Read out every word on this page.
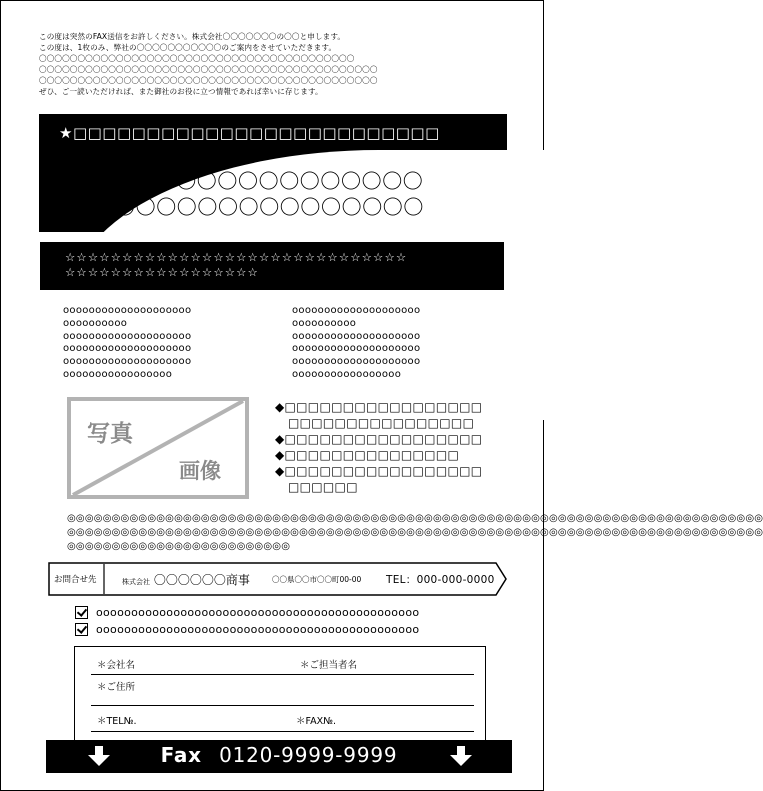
この度は突然のFAX送信をお許しください。株式会社〇〇〇〇〇〇〇の〇〇と申します。
この度は、1枚のみ、弊社の〇〇〇〇〇〇〇〇〇〇〇のご案内をさせていただきます。
〇〇〇〇〇〇〇〇〇〇〇〇〇〇〇〇〇〇〇〇〇〇〇〇〇〇〇〇〇〇〇〇〇〇〇〇〇〇〇〇〇
〇〇〇〇〇〇〇〇〇〇〇〇〇〇〇〇〇〇〇〇〇〇〇〇〇〇〇〇〇〇〇〇〇〇〇〇〇〇〇〇〇〇〇〇
〇〇〇〇〇〇〇〇〇〇〇〇〇〇〇〇〇〇〇〇〇〇〇〇〇〇〇〇〇〇〇〇〇〇〇〇〇〇〇〇〇〇〇〇
ぜひ、ご一読いただければ、また御社のお役に立つ情報であれば幸いに存じます。
★□□□□□□□□□□□□□□□□□□□□□□□□□
〇〇〇〇〇〇〇〇〇〇〇〇〇〇
〇〇〇〇〇〇〇〇〇〇〇〇〇〇〇
☆☆☆☆☆☆☆☆☆☆☆☆☆☆☆☆☆☆☆☆☆☆☆☆☆☆☆☆☆☆
☆☆☆☆☆☆☆☆☆☆☆☆☆☆☆☆☆
oooooooooooooooooooo
oooooooooo
oooooooooooooooooooo
oooooooooooooooooooo
oooooooooooooooooooo
ooooooooooooooooo
oooooooooooooooooooo
oooooooooo
oooooooooooooooooooo
oooooooooooooooooooo
oooooooooooooooooooo
ooooooooooooooooo
写真
画像
◆□□□□□□□□□□□□□□□□□
□□□□□□□□□□□□□□□□
◆□□□□□□□□□□□□□□□□□
◆□□□□□□□□□□□□□□□
◆□□□□□□□□□□□□□□□□□
□□□□□□
◎◎◎◎◎◎◎◎◎◎◎◎◎◎◎◎◎◎◎◎◎◎◎◎◎◎◎◎◎◎◎◎◎◎◎◎◎◎◎◎◎◎◎◎◎◎◎◎◎◎◎◎◎◎◎◎◎◎◎◎◎◎◎◎◎◎◎◎◎◎◎◎◎◎◎◎◎◎
◎◎◎◎◎◎◎◎◎◎◎◎◎◎◎◎◎◎◎◎◎◎◎◎◎◎◎◎◎◎◎◎◎◎◎◎◎◎◎◎◎◎◎◎◎◎◎◎◎◎◎◎◎◎◎◎◎◎◎◎◎◎◎◎◎◎◎◎◎◎◎◎◎◎◎◎◎◎
◎◎◎◎◎◎◎◎◎◎◎◎◎◎◎◎◎◎◎◎◎◎◎◎◎
お問合せ先	株式会社 〇〇〇〇〇〇商事	〇〇県〇〇市〇〇町00-00 TEL：000-000-0000
oooooooooooooooooooooooooooooooooooooooooooooo
oooooooooooooooooooooooooooooooooooooooooooooo
＊会社名	＊ご担当者名
＊ご住所
＊TEL№.	＊FAX№.
Fax 0120-9999-9999
